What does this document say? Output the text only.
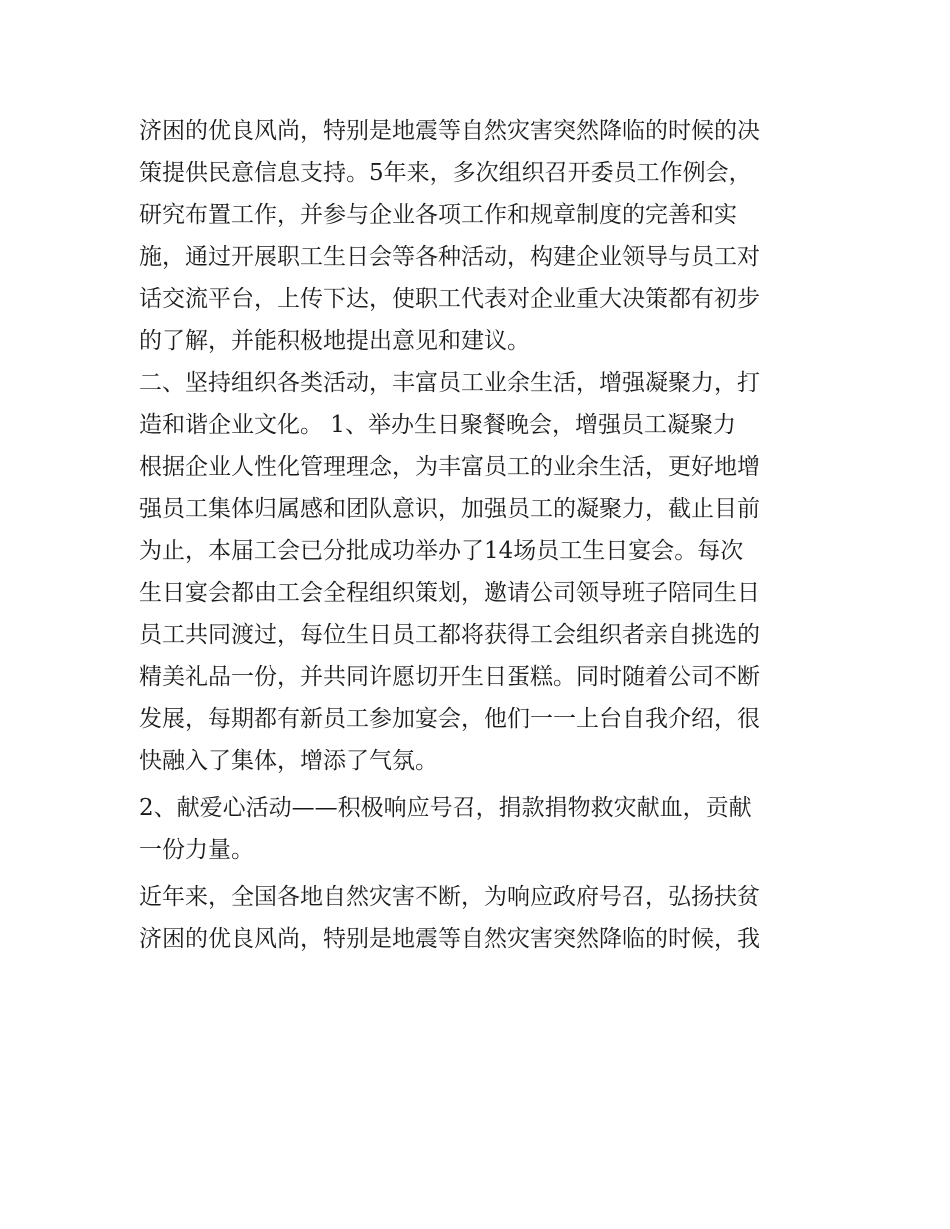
济困的优良风尚，特别是地震等自然灾害突然降临的时候的决
策提供民意信息支持。5年来，多次组织召开委员工作例会，
研究布置工作，并参与企业各项工作和规章制度的完善和实
施，通过开展职工生日会等各种活动，构建企业领导与员工对
话交流平台，上传下达，使职工代表对企业重大决策都有初步
的了解，并能积极地提出意见和建议。
二、坚持组织各类活动，丰富员工业余生活，增强凝聚力，打
造和谐企业文化。 1、举办生日聚餐晚会，增强员工凝聚力
根据企业人性化管理理念，为丰富员工的业余生活，更好地增
强员工集体归属感和团队意识，加强员工的凝聚力，截止目前
为止，本届工会已分批成功举办了14场员工生日宴会。每次
生日宴会都由工会全程组织策划，邀请公司领导班子陪同生日
员工共同渡过，每位生日员工都将获得工会组织者亲自挑选的
精美礼品一份，并共同许愿切开生日蛋糕。同时随着公司不断
发展，每期都有新员工参加宴会，他们一一上台自我介绍，很
快融入了集体，增添了气氛。
2、献爱心活动——积极响应号召，捐款捐物救灾献血，贡献
一份力量。
近年来，全国各地自然灾害不断，为响应政府号召，弘扬扶贫
济困的优良风尚，特别是地震等自然灾害突然降临的时候，我
